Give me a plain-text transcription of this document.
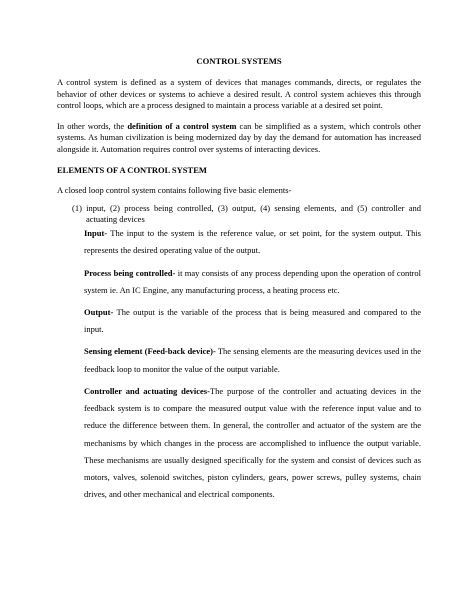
CONTROL SYSTEMS

A control system is defined as a system of devices that manages commands, directs, or regulates the behavior of other devices or systems to achieve a desired result. A control system achieves this through control loops, which are a process designed to maintain a process variable at a desired set point.

In other words, the definition of a control system can be simplified as a system, which controls other systems. As human civilization is being modernized day by day the demand for automation has increased alongside it. Automation requires control over systems of interacting devices.

ELEMENTS OF A CONTROL SYSTEM

A closed loop control system contains following five basic elements-

(1) input, (2) process being controlled, (3) output, (4) sensing elements, and (5) controller and actuating devices

Input- The input to the system is the reference value, or set point, for the system output. This represents the desired operating value of the output.
Process being controlled- it may consists of any process depending upon the operation of control system ie. An IC Engine, any manufacturing process, a heating process etc.
Output- The output is the variable of the process that is being measured and compared to the input.
Sensing element (Feed-back device)- The sensing elements are the measuring devices used in the feedback loop to monitor the value of the output variable.
Controller and actuating devices-The purpose of the controller and actuating devices in the feedback system is to compare the measured output value with the reference input value and to reduce the difference between them. In general, the controller and actuator of the system are the mechanisms by which changes in the process are accomplished to influence the output variable. These mechanisms are usually designed specifically for the system and consist of devices such as motors, valves, solenoid switches, piston cylinders, gears, power screws, pulley systems, chain drives, and other mechanical and electrical components.
